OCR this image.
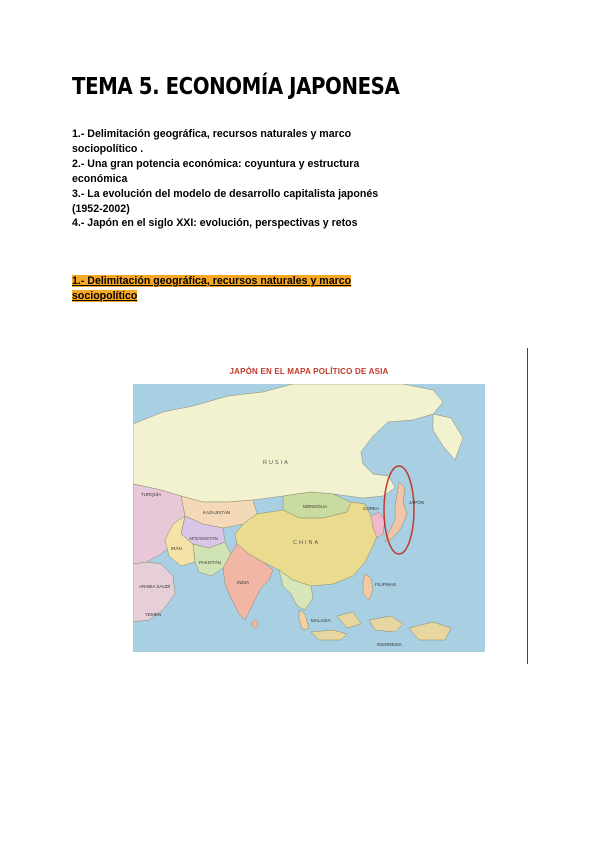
TEMA 5. ECONOMÍA JAPONESA
1.- Delimitación geográfica, recursos naturales y marco sociopolítico .
2.- Una gran potencia económica: coyuntura y estructura económica
3.- La evolución del modelo de desarrollo capitalista japonés (1952-2002)
4.- Japón en el siglo XXI: evolución, perspectivas y retos
1.- Delimitación geográfica, recursos naturales y marco sociopolítico
JAPÓN EN EL MAPA POLÍTICO DE ASIA
RUSIA
MONGOLIA
CHINA
INDIA
JAPÓN
COREA
KAZAJISTÁN
IRÁN
TURQUÍA
ARABIA SAUDÍ	FILIPINAS
INDONESIA
MALASIA
PAKISTÁN
AFGANISTÁN
YEMEN
